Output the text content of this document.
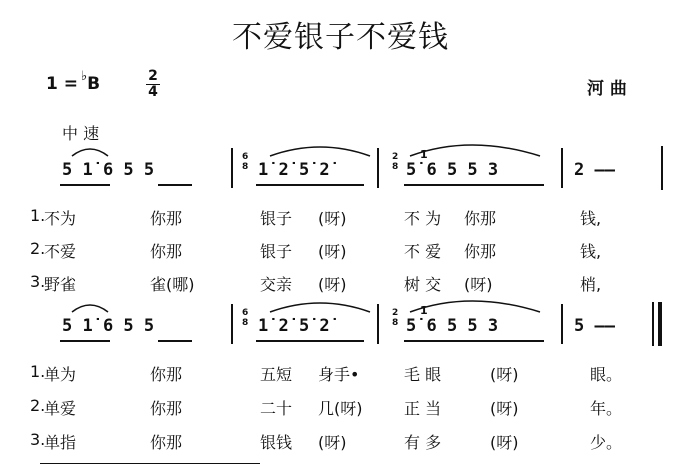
不爱银子不爱钱
1 = ♭B	$\frac{2}{4}$	河 曲
中 速
5 1̇ 6 5 5
6
8 1̇ 2̇ 5̇ 2̇
2
8
1̇
5̇ 6 5 5 3	2 ——
1.
不为	你那	银子 (呀)	不 为 你那	钱,
2.
不爱	你那	银子 (呀)	不 爱 你那	钱,
3.
野雀	雀(哪)	交亲 (呀)	树 交 (呀)	梢,
5 1̇ 6 5 5
6
8 1̇ 2̇ 5̇ 2̇
2
8
1̇
5̇ 6 5 5 3	5 ——
1.
单为	你那	五短 身手•	毛 眼	(呀)	眼。
2.
单爱	你那	二十 几(呀)	正 当	(呀)	年。
3.
单指	你那	银钱 (呀)	有 多	(呀)	少。
